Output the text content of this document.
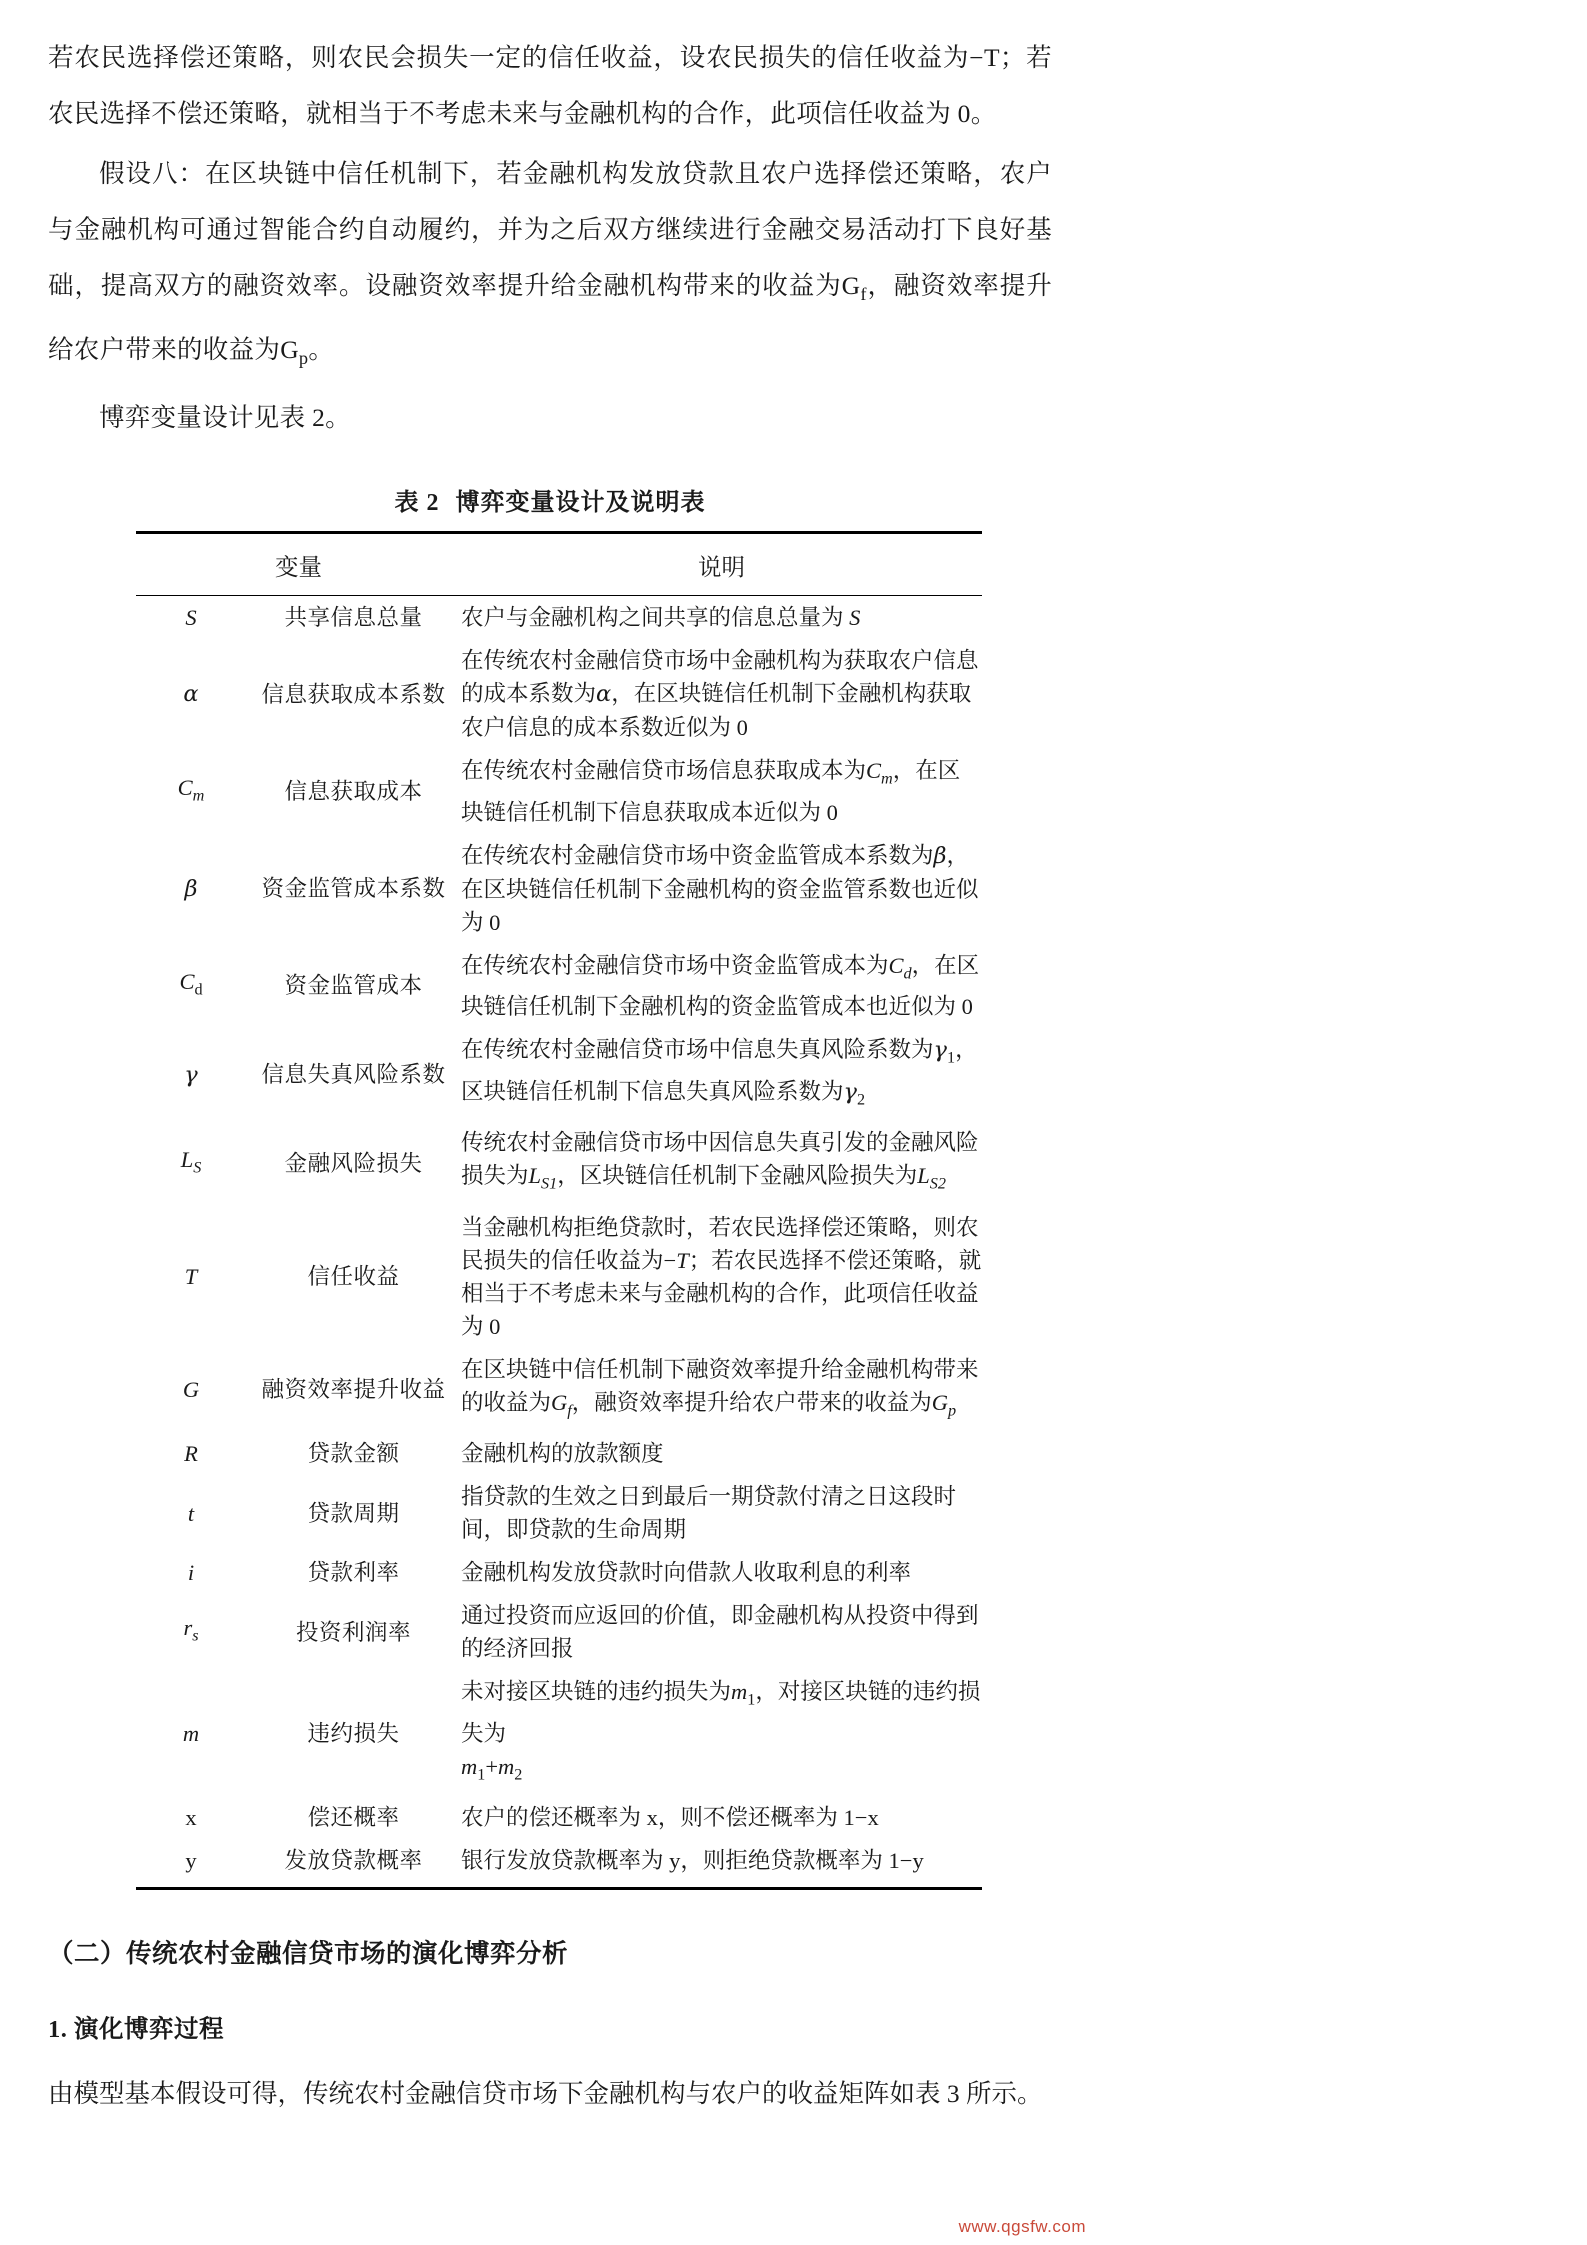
若农民选择偿还策略，则农民会损失一定的信任收益，设农民损失的信任收益为−T；若农民选择不偿还策略，就相当于不考虑未来与金融机构的合作，此项信任收益为 0。

假设八：在区块链中信任机制下，若金融机构发放贷款且农户选择偿还策略，农户与金融机构可通过智能合约自动履约，并为之后双方继续进行金融交易活动打下良好基础，提高双方的融资效率。设融资效率提升给金融机构带来的收益为$G_f$，融资效率提升给农户带来的收益为$G_p$。

博弈变量设计见表 2。

表 2 博弈变量设计及说明表
变量		说明
S	共享信息总量	农户与金融机构之间共享的信息总量为 S
α	信息获取成本系数	在传统农村金融信贷市场中金融机构为获取农户信息的成本系数为α，在区块链信任机制下金融机构获取农户信息的成本系数近似为 0
$C_m$	信息获取成本	在传统农村金融信贷市场信息获取成本为$C_m$，在区块链信任机制下信息获取成本近似为 0
β	资金监管成本系数	在传统农村金融信贷市场中资金监管成本系数为β，在区块链信任机制下金融机构的资金监管系数也近似为 0
$C_d$	资金监管成本	在传统农村金融信贷市场中资金监管成本为$C_d$，在区块链信任机制下金融机构的资金监管成本也近似为 0
γ	信息失真风险系数	在传统农村金融信贷市场中信息失真风险系数为$\gamma_1$，区块链信任机制下信息失真风险系数为$\gamma_2$
$L_S$	金融风险损失	传统农村金融信贷市场中因信息失真引发的金融风险损失为$L_{S1}$，区块链信任机制下金融风险损失为$L_{S2}$
T	信任收益	当金融机构拒绝贷款时，若农民选择偿还策略，则农民损失的信任收益为−T；若农民选择不偿还策略，就相当于不考虑未来与金融机构的合作，此项信任收益为 0
G	融资效率提升收益	在区块链中信任机制下融资效率提升给金融机构带来的收益为$G_f$，融资效率提升给农户带来的收益为$G_p$
R	贷款金额	金融机构的放款额度
t	贷款周期	指贷款的生效之日到最后一期贷款付清之日这段时间，即贷款的生命周期
i	贷款利率	金融机构发放贷款时向借款人收取利息的利率
$r_s$	投资利润率	通过投资而应返回的价值，即金融机构从投资中得到的经济回报
m	违约损失	未对接区块链的违约损失为$m_1$，对接区块链的违约损失为
$m_1+m_2$
x	偿还概率	农户的偿还概率为 x，则不偿还概率为 1−x
y	发放贷款概率	银行发放贷款概率为 y，则拒绝贷款概率为 1−y
（二）传统农村金融信贷市场的演化博弈分析
1. 演化博弈过程
由模型基本假设可得，传统农村金融信贷市场下金融机构与农户的收益矩阵如表 3 所示。
www.qgsfw.com
